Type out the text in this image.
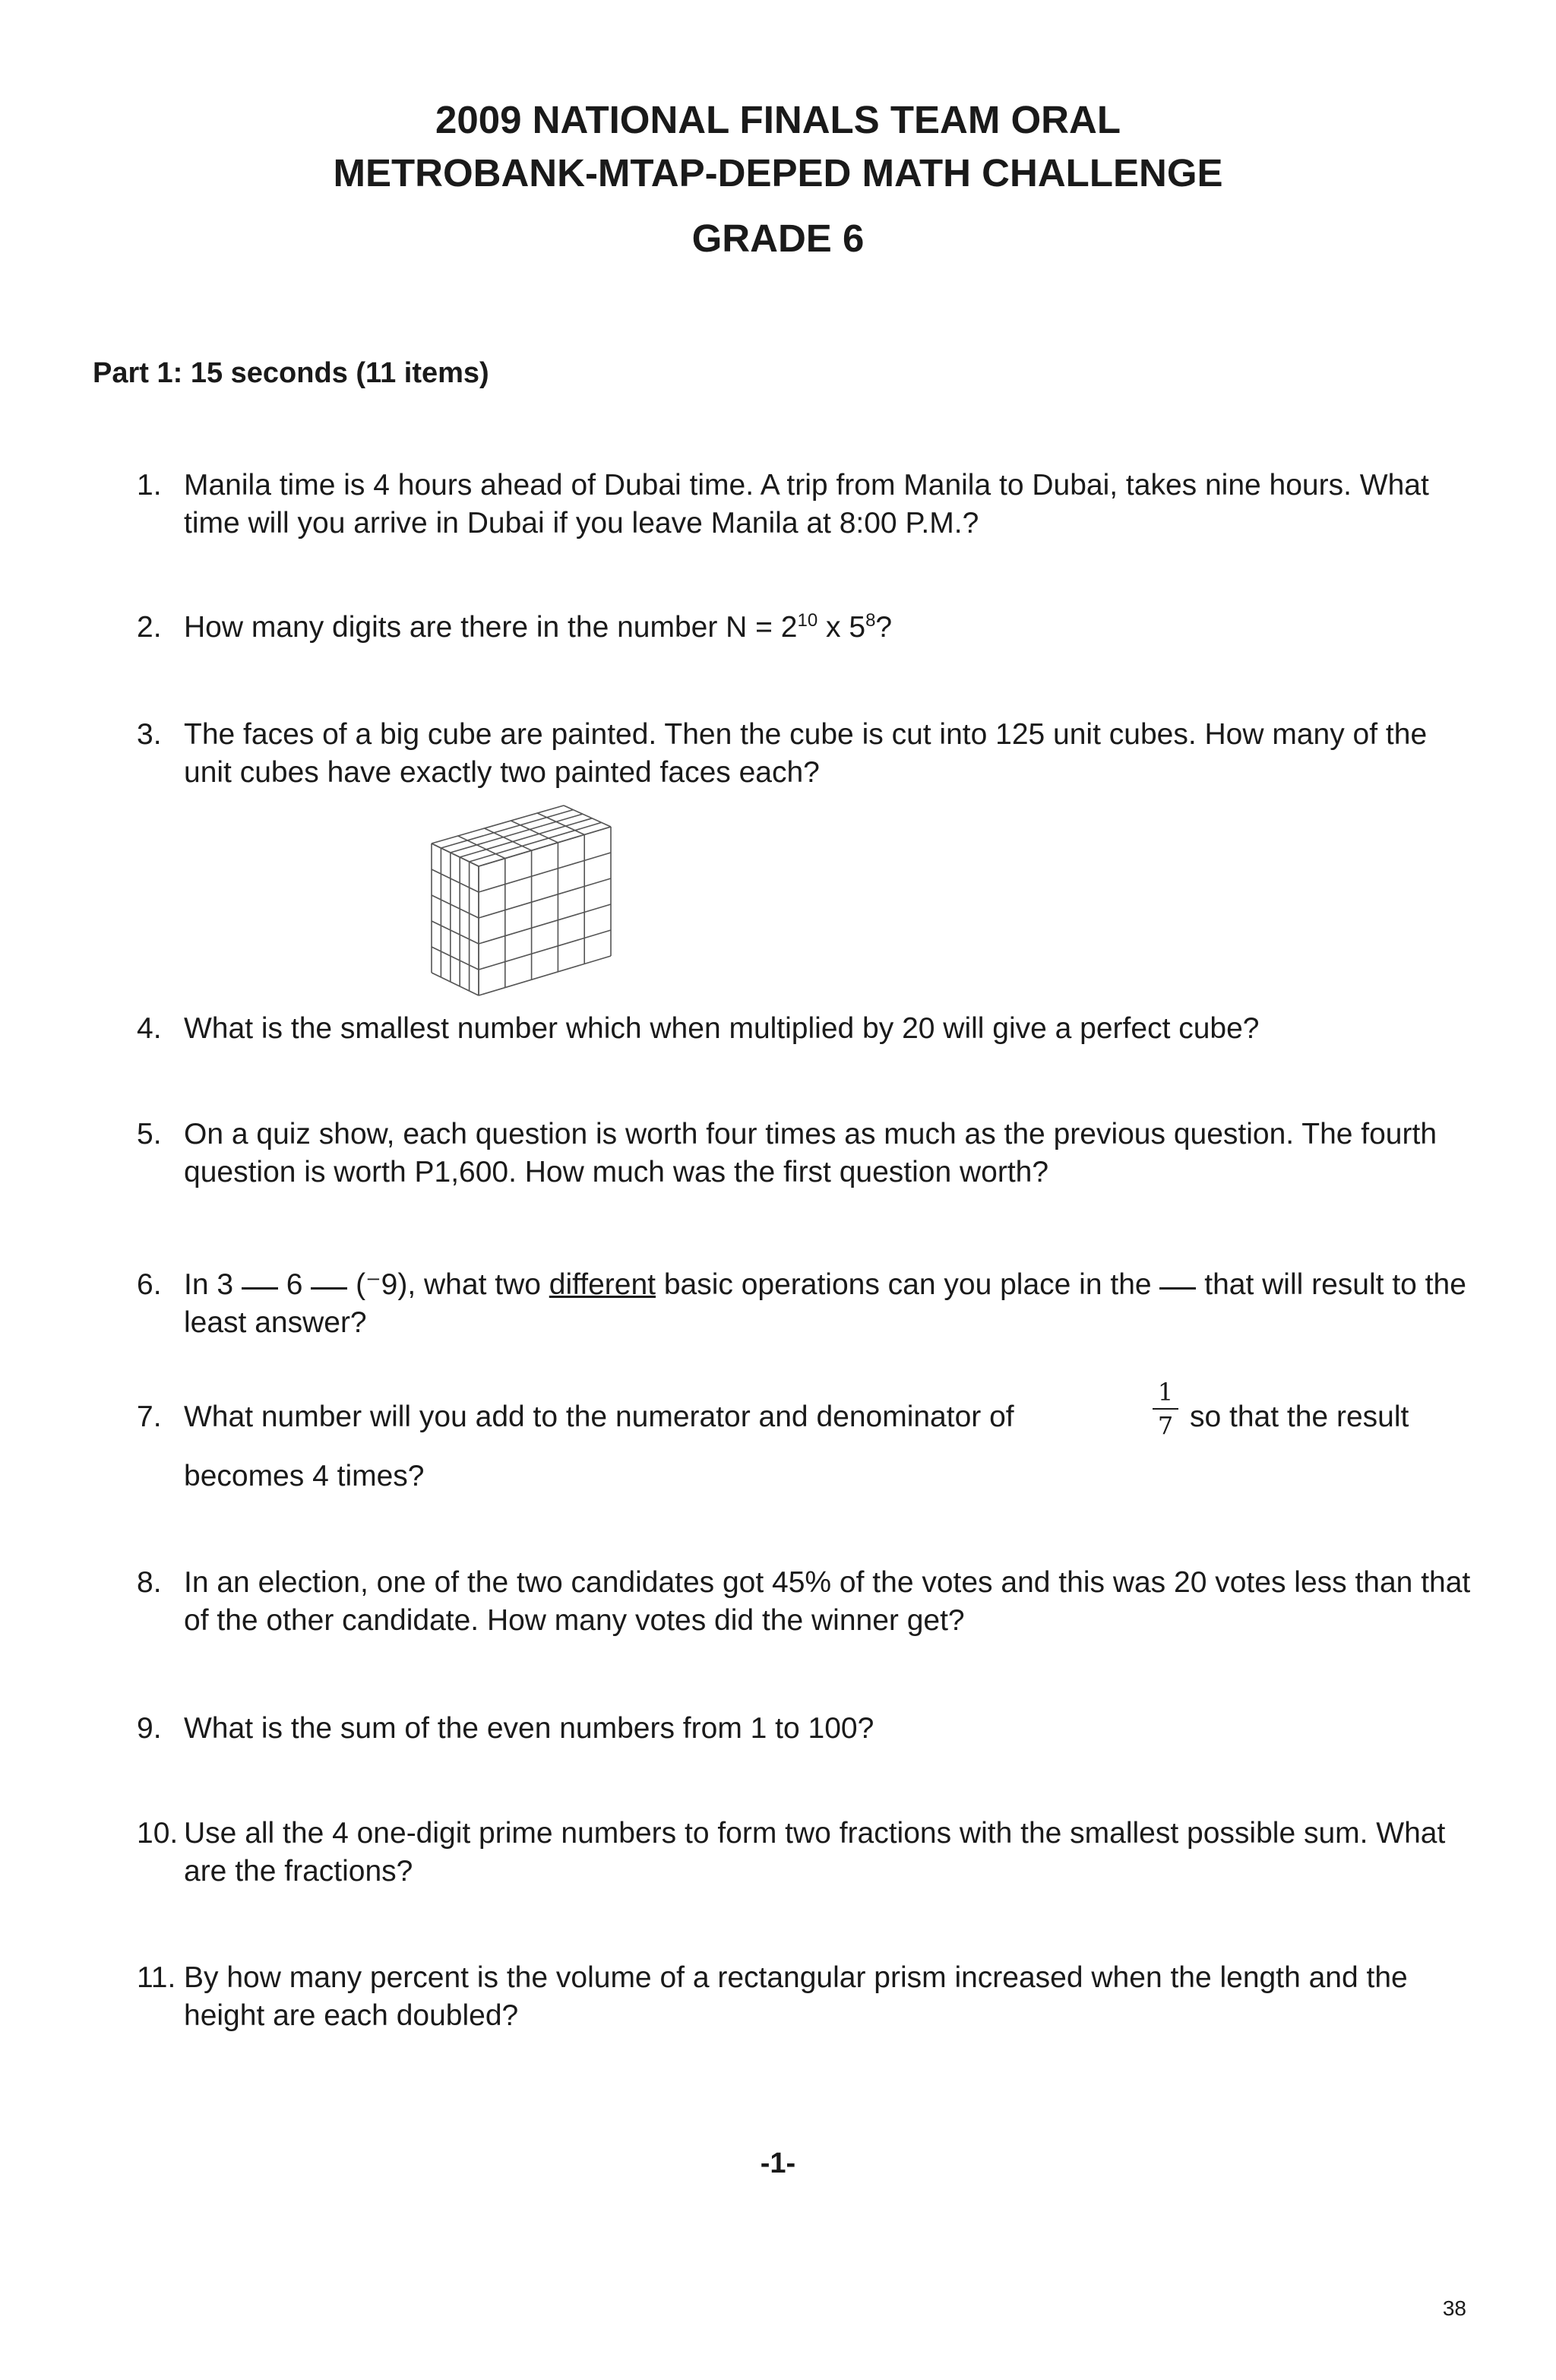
2009 NATIONAL FINALS TEAM ORAL
METROBANK-MTAP-DEPED MATH CHALLENGE
GRADE 6
Part 1: 15 seconds (11 items)
1. Manila time is 4 hours ahead of Dubai time. A trip from Manila to Dubai, takes nine hours. What time will you arrive in Dubai if you leave Manila at 8:00 P.M.?
2. How many digits are there in the number $N = 2^{10}$ x $5^8$?
3. The faces of a big cube are painted. Then the cube is cut into 125 unit cubes. How many of the unit cubes have exactly two painted faces each?
4. What is the smallest number which when multiplied by 20 will give a perfect cube?
5. On a quiz show, each question is worth four times as much as the previous question. The fourth question is worth P1,600. How much was the first question worth?
6. In 3  6  (⁻9), what two different basic operations can you place in the  that will result to the least answer?
7. What number will you add to the numerator and denominator of
1
7 so that the result
becomes 4 times?
8. In an election, one of the two candidates got 45% of the votes and this was 20 votes less than that of the other candidate. How many votes did the winner get?
9. What is the sum of the even numbers from 1 to 100?
10. Use all the 4 one-digit prime numbers to form two fractions with the smallest possible sum. What are the fractions?
11. By how many percent is the volume of a rectangular prism increased when the length and the height are each doubled?
-1-
38
